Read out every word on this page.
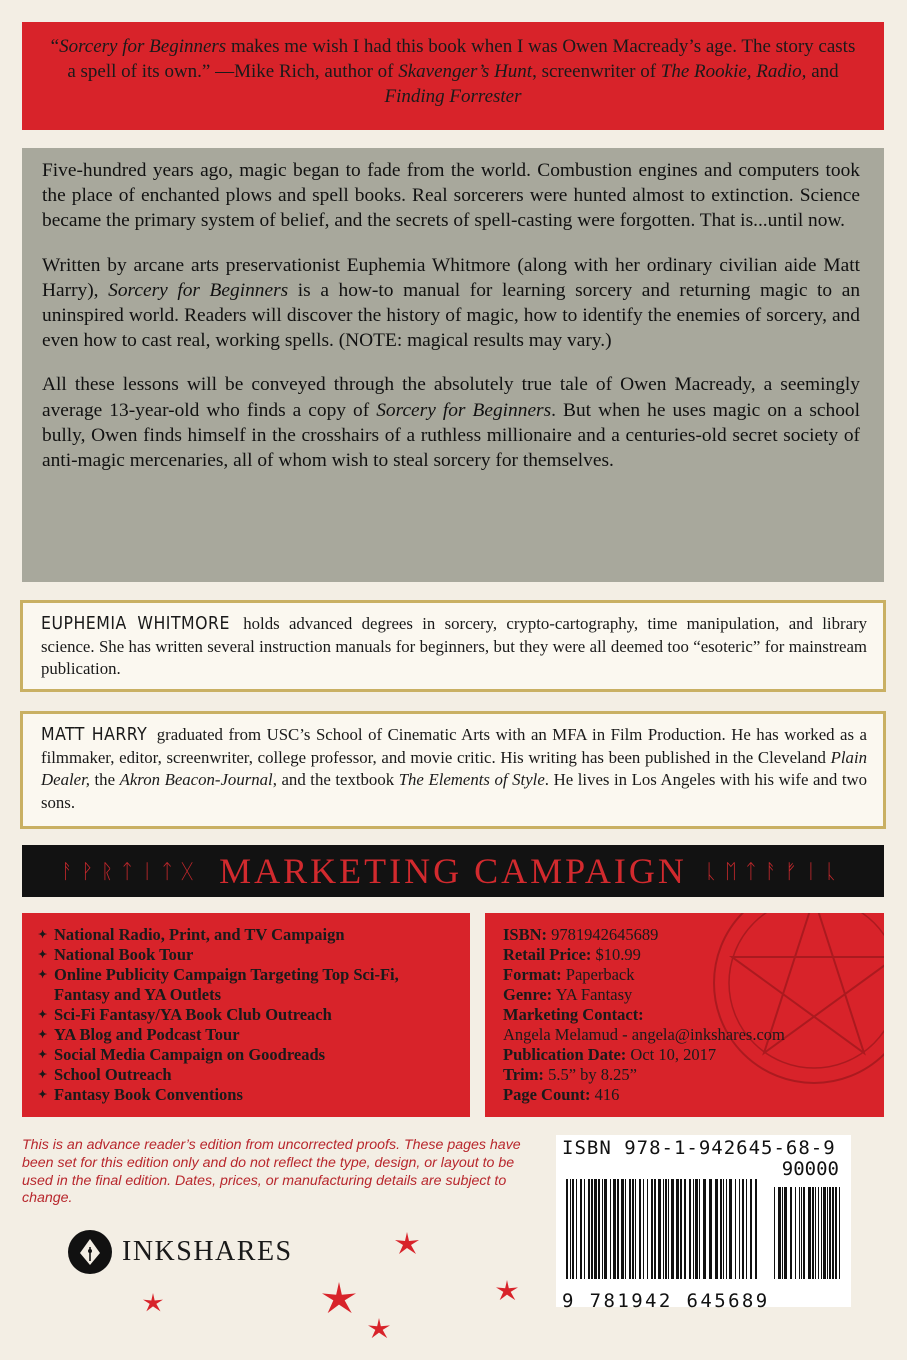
“Sorcery for Beginners makes me wish I had this book when I was Owen Macready’s age. The story casts a spell of its own.” —Mike Rich, author of Skavenger’s Hunt, screenwriter of The Rookie, Radio, and Finding Forrester

Five-hundred years ago, magic began to fade from the world. Combustion engines and computers took the place of enchanted plows and spell books. Real sorcerers were hunted almost to extinction. Science became the primary system of belief, and the secrets of spell-casting were forgotten. That is...until now.

Written by arcane arts preservationist Euphemia Whitmore (along with her ordinary civilian aide Matt Harry), Sorcery for Beginners is a how-to manual for learning sorcery and returning magic to an uninspired world. Readers will discover the history of magic, how to identify the enemies of sorcery, and even how to cast real, working spells. (NOTE: magical results may vary.)

All these lessons will be conveyed through the absolutely true tale of Owen Macready, a seemingly average 13-year-old who finds a copy of Sorcery for Beginners. But when he uses magic on a school bully, Owen finds himself in the crosshairs of a ruthless millionaire and a centuries-old secret society of anti-magic mercenaries, all of whom wish to steal sorcery for themselves.

EUPHEMIA WHITMORE holds advanced degrees in sorcery, crypto-cartography, time manipulation, and library science. She has written several instruction manuals for beginners, but they were all deemed too “esoteric” for mainstream publication.
MATT HARRY graduated from USC’s School of Cinematic Arts with an MFA in Film Production. He has worked as a filmmaker, editor, screenwriter, college professor, and movie critic. His writing has been published in the Cleveland Plain Dealer, the Akron Beacon-Journal, and the textbook The Elements of Style. He lives in Los Angeles with his wife and two sons.
ᚨᚹᚱᛏᛁᛏᚷ MARKETING CAMPAIGN ᚳᛖᛏᚨᚠᛁᚳ
✦ National Radio, Print, and TV Campaign
✦ National Book Tour
✦ Online Publicity Campaign Targeting Top Sci-Fi, Fantasy and YA Outlets
✦ Sci-Fi Fantasy/YA Book Club Outreach
✦ YA Blog and Podcast Tour
✦ Social Media Campaign on Goodreads
✦ School Outreach
✦ Fantasy Book Conventions
ISBN: 9781942645689
Retail Price: $10.99
Format: Paperback
Genre: YA Fantasy
Marketing Contact:
Angela Melamud - angela@inkshares.com
Publication Date: Oct 10, 2017
Trim: 5.5” by 8.25”
Page Count: 416
This is an advance reader’s edition from uncorrected proofs. These pages have been set for this edition only and do not reflect the type, design, or layout to be used in the final edition. Dates, prices, or manufacturing details are subject to change.
INKSHARES
ISBN 978-1-942645-68-9
90000
9 781942 645689
